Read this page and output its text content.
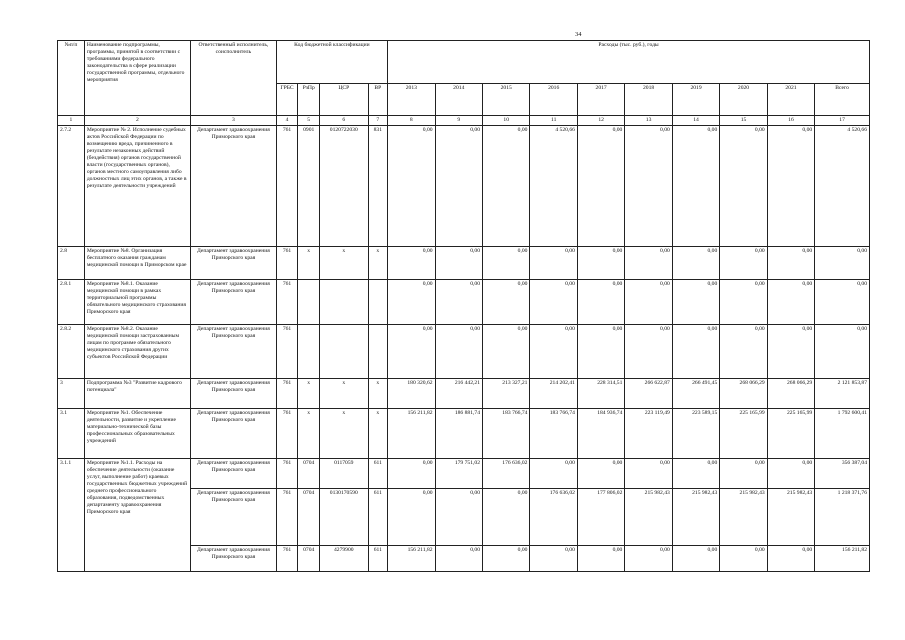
34
№п/п	Наименование подпрограммы, программы, принятой в соответствии с требованиями федерального законодательства в сфере реализации государственной программы, отдельного мероприятия	Ответственный исполнитель, соисполнитель	Код бюджетной классификации				Расходы (тыс. руб.), годы									
			ГРБС	РзПр	ЦСР	ВР	2013	2014	2015	2016	2017	2018	2019	2020	2021	Всего
1	2	3	4	5	6	7	8	9	10	11	12	13	14	15	16	17
2.7.2	Мероприятие № 2. Исполнение судебных актов Российской Федерации по возмещению вреда, причиненного в результате незаконных действий (бездействия) органов государственной власти (государственных органов), органов местного самоуправления либо должностных лиц этих органов, а также в результате деятельности учреждений	Департамент здравоохранения Приморского края	761	0901	0120722030	831	0,00	0,00	0,00	4 520,66	0,00	0,00	0,00	0,00	0,00	4 520,66
2.8	Мероприятие №8. Организация бесплатного оказания гражданам медицинской помощи в Приморском крае	Департамент здравоохранения Приморского края	761	x	x	x	0,00	0,00	0,00	0,00	0,00	0,00	0,00	0,00	0,00	0,00
2.8.1	Мероприятие №8.1. Оказание медицинской помощи в рамках территориальной программы обязательного медицинского страхования Приморского края	Департамент здравоохранения Приморского края	761				0,00	0,00	0,00	0,00	0,00	0,00	0,00	0,00	0,00	0,00
2.8.2	Мероприятие №8.2. Оказание медицинской помощи застрахованным лицам по программе обязательного медицинского страхования других субъектов Российской Федерации	Департамент здравоохранения Приморского края	761				0,00	0,00	0,00	0,00	0,00	0,00	0,00	0,00	0,00	0,00
3	Подпрограмма №3 "Развитие кадрового потенциала"	Департамент здравоохранения Приморского края	761	x	x	x	180 320,62	216 442,21	213 327,21	214 202,41	228 314,51	266 622,87	266 491,45	268 066,29	268 066,29	2 121 853,87
3.1	Мероприятие №1. Обеспечение деятельности, развитие и укрепление материально-технической базы профессиональных образовательных учреждений	Департамент здравоохранения Приморского края	761	x	x	x	156 211,82	186 881,74	183 766,74	183 766,74	184 936,74	223 119,49	223 589,15	225 165,99	225 165,99	1 792 600,41
3.1.1	Мероприятие №1.1. Расходы на обеспечение деятельности (оказание услуг, выполнение работ) краевых государственных бюджетных учреждений среднего профессионального образования, подведомственных департаменту здравоохранения Приморского края	Департамент здравоохранения Приморского края	761	0704	0117059	611	0,00	179 751,02	176 636,02	0,00	0,00	0,00	0,00	0,00	0,00	356 387,04
		Департамент здравоохранения Приморского края	761	0704	0130170590	611	0,00	0,00	0,00	176 636,02	177 806,02	215 982,43	215 982,43	215 982,43	215 982,43	1 218 371,76
		Департамент здравоохранения Приморского края	761	0704	4279900	611	156 211,82	0,00	0,00	0,00	0,00	0,00	0,00	0,00	0,00	156 211,82
